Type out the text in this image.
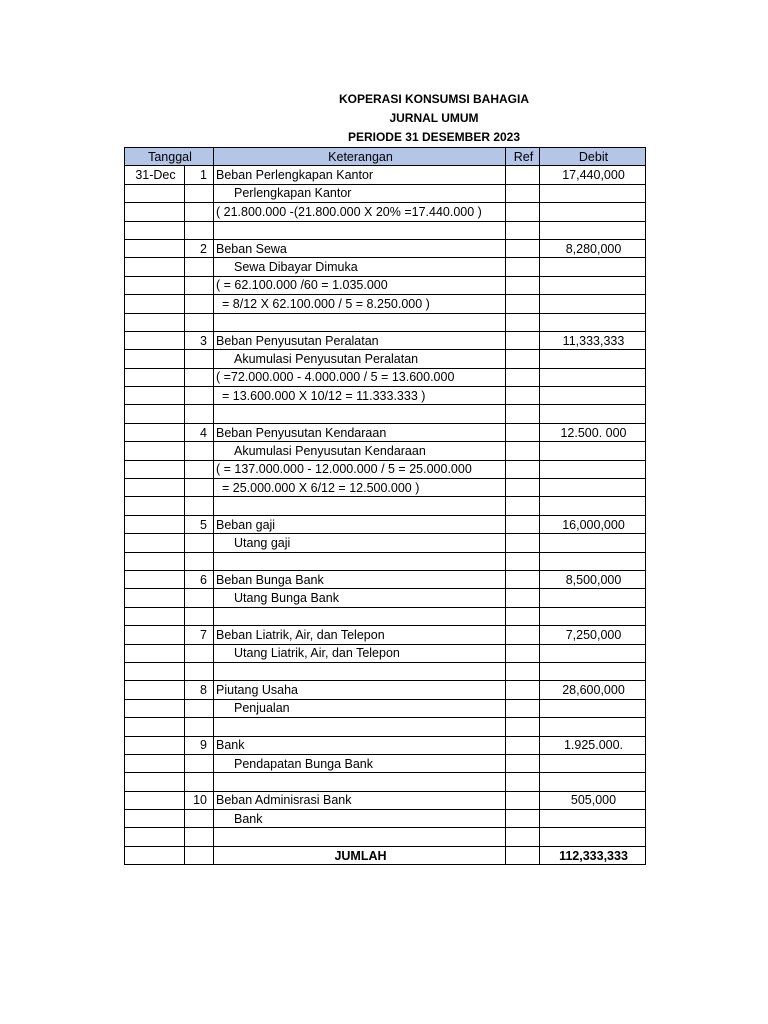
KOPERASI KONSUMSI BAHAGIA
JURNAL UMUM
PERIODE 31 DESEMBER 2023
Tanggal		Keterangan	Ref	Debit
31-Dec	1	Beban Perlengkapan Kantor		17,440,000
		Perlengkapan Kantor		
		( 21.800.000 -(21.800.000 X 20% =17.440.000 )		

	2	Beban Sewa		8,280,000
		Sewa Dibayar Dimuka		
		( = 62.100.000 /60 = 1.035.000		
		= 8/12 X 62.100.000 / 5 = 8.250.000 )		

	3	Beban Penyusutan Peralatan		11,333,333
		Akumulasi Penyusutan Peralatan		
		( =72.000.000 - 4.000.000 / 5 = 13.600.000		
		= 13.600.000 X 10/12 = 11.333.333 )		

	4	Beban Penyusutan Kendaraan		12.500. 000
		Akumulasi Penyusutan Kendaraan		
		( = 137.000.000 - 12.000.000 / 5 = 25.000.000		
		= 25.000.000 X 6/12 = 12.500.000 )		

	5	Beban gaji		16,000,000
		Utang gaji		

	6	Beban Bunga Bank		8,500,000
		Utang Bunga Bank		

	7	Beban Liatrik, Air, dan Telepon		7,250,000
		Utang Liatrik, Air, dan Telepon		

	8	Piutang Usaha		28,600,000
		Penjualan		

	9	Bank		1.925.000.
		Pendapatan Bunga Bank		

	10	Beban Adminisrasi Bank		505,000
		Bank		

		JUMLAH		112,333,333
